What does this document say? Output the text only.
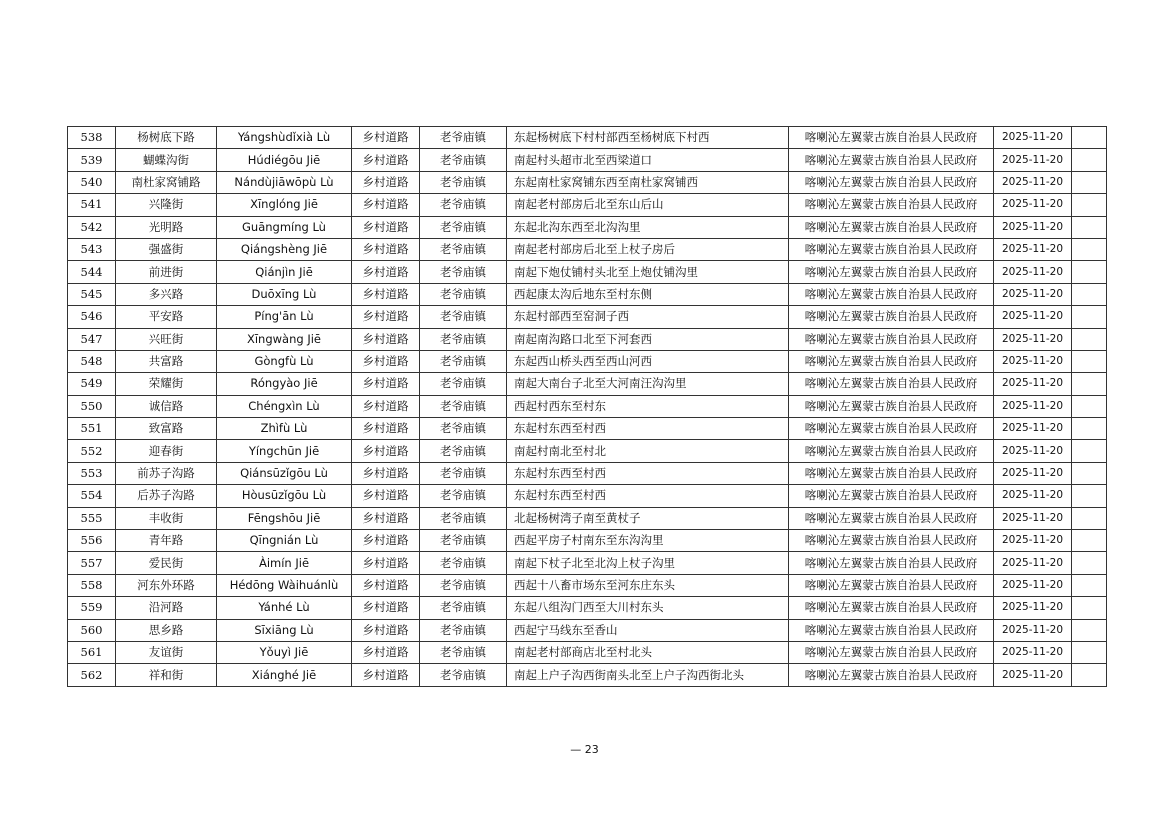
538	杨树底下路	Yángshùdǐxià Lù	乡村道路	老爷庙镇	东起杨树底下村村部西至杨树底下村西	喀喇沁左翼蒙古族自治县人民政府	2025-11-20	
539	蝴蝶沟街	Húdiégōu Jiē	乡村道路	老爷庙镇	南起村头超市北至西梁道口	喀喇沁左翼蒙古族自治县人民政府	2025-11-20	
540	南杜家窝铺路	Nándùjiāwōpù Lù	乡村道路	老爷庙镇	东起南杜家窝铺东西至南杜家窝铺西	喀喇沁左翼蒙古族自治县人民政府	2025-11-20	
541	兴隆街	Xīnglóng Jiē	乡村道路	老爷庙镇	南起老村部房后北至东山后山	喀喇沁左翼蒙古族自治县人民政府	2025-11-20	
542	光明路	Guāngmíng Lù	乡村道路	老爷庙镇	东起北沟东西至北沟沟里	喀喇沁左翼蒙古族自治县人民政府	2025-11-20	
543	强盛街	Qiángshèng Jiē	乡村道路	老爷庙镇	南起老村部房后北至上杖子房后	喀喇沁左翼蒙古族自治县人民政府	2025-11-20	
544	前进街	Qiánjìn Jiē	乡村道路	老爷庙镇	南起下炮仗铺村头北至上炮仗铺沟里	喀喇沁左翼蒙古族自治县人民政府	2025-11-20	
545	多兴路	Duōxīng Lù	乡村道路	老爷庙镇	西起康太沟后地东至村东侧	喀喇沁左翼蒙古族自治县人民政府	2025-11-20	
546	平安路	Píng'ān Lù	乡村道路	老爷庙镇	东起村部西至窑洞子西	喀喇沁左翼蒙古族自治县人民政府	2025-11-20	
547	兴旺街	Xīngwàng Jiē	乡村道路	老爷庙镇	南起南沟路口北至下河套西	喀喇沁左翼蒙古族自治县人民政府	2025-11-20	
548	共富路	Gòngfù Lù	乡村道路	老爷庙镇	东起西山桥头西至西山河西	喀喇沁左翼蒙古族自治县人民政府	2025-11-20	
549	荣耀街	Róngyào Jiē	乡村道路	老爷庙镇	南起大南台子北至大河南汪沟沟里	喀喇沁左翼蒙古族自治县人民政府	2025-11-20	
550	诚信路	Chéngxìn Lù	乡村道路	老爷庙镇	西起村西东至村东	喀喇沁左翼蒙古族自治县人民政府	2025-11-20	
551	致富路	Zhìfù Lù	乡村道路	老爷庙镇	东起村东西至村西	喀喇沁左翼蒙古族自治县人民政府	2025-11-20	
552	迎春街	Yíngchūn Jiē	乡村道路	老爷庙镇	南起村南北至村北	喀喇沁左翼蒙古族自治县人民政府	2025-11-20	
553	前苏子沟路	Qiánsūzǐgōu Lù	乡村道路	老爷庙镇	东起村东西至村西	喀喇沁左翼蒙古族自治县人民政府	2025-11-20	
554	后苏子沟路	Hòusūzǐgōu Lù	乡村道路	老爷庙镇	东起村东西至村西	喀喇沁左翼蒙古族自治县人民政府	2025-11-20	
555	丰收街	Fēngshōu Jiē	乡村道路	老爷庙镇	北起杨树湾子南至黄杖子	喀喇沁左翼蒙古族自治县人民政府	2025-11-20	
556	青年路	Qīngnián Lù	乡村道路	老爷庙镇	西起平房子村南东至东沟沟里	喀喇沁左翼蒙古族自治县人民政府	2025-11-20	
557	爱民街	Àimín Jiē	乡村道路	老爷庙镇	南起下杖子北至北沟上杖子沟里	喀喇沁左翼蒙古族自治县人民政府	2025-11-20	
558	河东外环路	Hédōng Wàihuánlù	乡村道路	老爷庙镇	西起十八畜市场东至河东庄东头	喀喇沁左翼蒙古族自治县人民政府	2025-11-20	
559	沿河路	Yánhé Lù	乡村道路	老爷庙镇	东起八组沟门西至大川村东头	喀喇沁左翼蒙古族自治县人民政府	2025-11-20	
560	思乡路	Sīxiāng Lù	乡村道路	老爷庙镇	西起宁马线东至香山	喀喇沁左翼蒙古族自治县人民政府	2025-11-20	
561	友谊街	Yǒuyì Jiē	乡村道路	老爷庙镇	南起老村部商店北至村北头	喀喇沁左翼蒙古族自治县人民政府	2025-11-20	
562	祥和街	Xiánghé Jiē	乡村道路	老爷庙镇	南起上户子沟西街南头北至上户子沟西街北头	喀喇沁左翼蒙古族自治县人民政府	2025-11-20	
— 23
